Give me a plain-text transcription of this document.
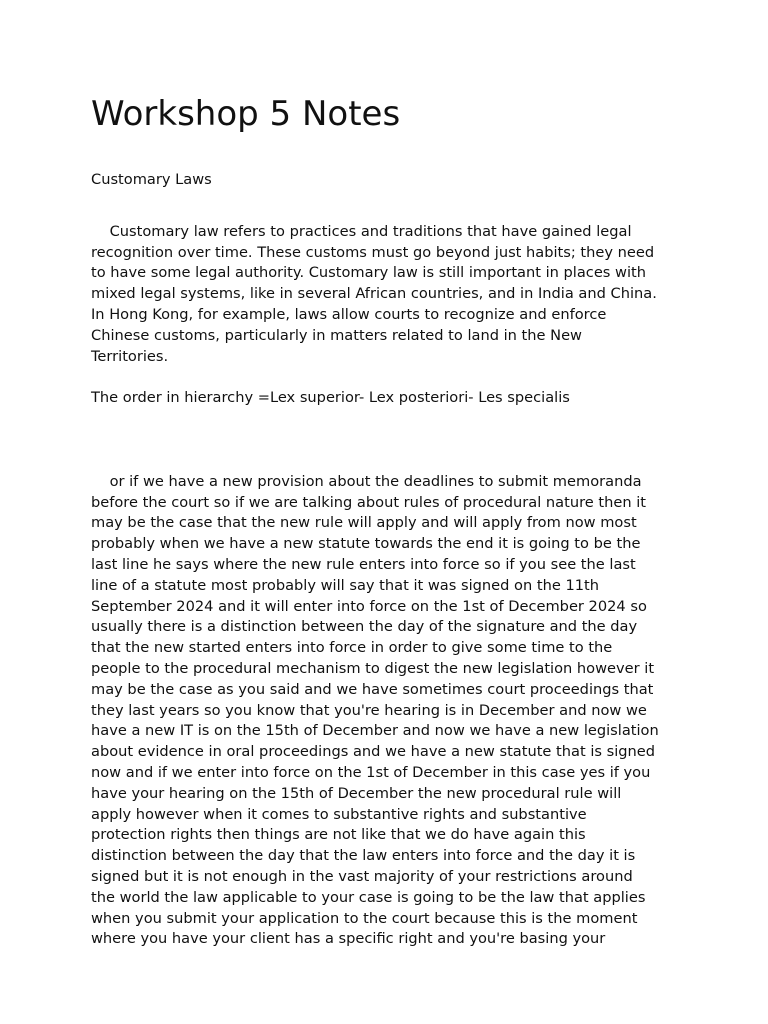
Workshop 5 Notes

Customary Laws

Customary law refers to practices and traditions that have gained legal
recognition over time. These customs must go beyond just habits; they need
to have some legal authority. Customary law is still important in places with
mixed legal systems, like in several African countries, and in India and China.
In Hong Kong, for example, laws allow courts to recognize and enforce
Chinese customs, particularly in matters related to land in the New
Territories.

The order in hierarchy =Lex superior- Lex posteriori- Les specialis

or if we have a new provision about the deadlines to submit memoranda
before the court so if we are talking about rules of procedural nature then it
may be the case that the new rule will apply and will apply from now most
probably when we have a new statute towards the end it is going to be the
last line he says where the new rule enters into force so if you see the last
line of a statute most probably will say that it was signed on the 11th
September 2024 and it will enter into force on the 1st of December 2024 so
usually there is a distinction between the day of the signature and the day
that the new started enters into force in order to give some time to the
people to the procedural mechanism to digest the new legislation however it
may be the case as you said and we have sometimes court proceedings that
they last years so you know that you're hearing is in December and now we
have a new IT is on the 15th of December and now we have a new legislation
about evidence in oral proceedings and we have a new statute that is signed
now and if we enter into force on the 1st of December in this case yes if you
have your hearing on the 15th of December the new procedural rule will
apply however when it comes to substantive rights and substantive
protection rights then things are not like that we do have again this
distinction between the day that the law enters into force and the day it is
signed but it is not enough in the vast majority of your restrictions around
the world the law applicable to your case is going to be the law that applies
when you submit your application to the court because this is the moment
where you have your client has a specific right and you're basing your
